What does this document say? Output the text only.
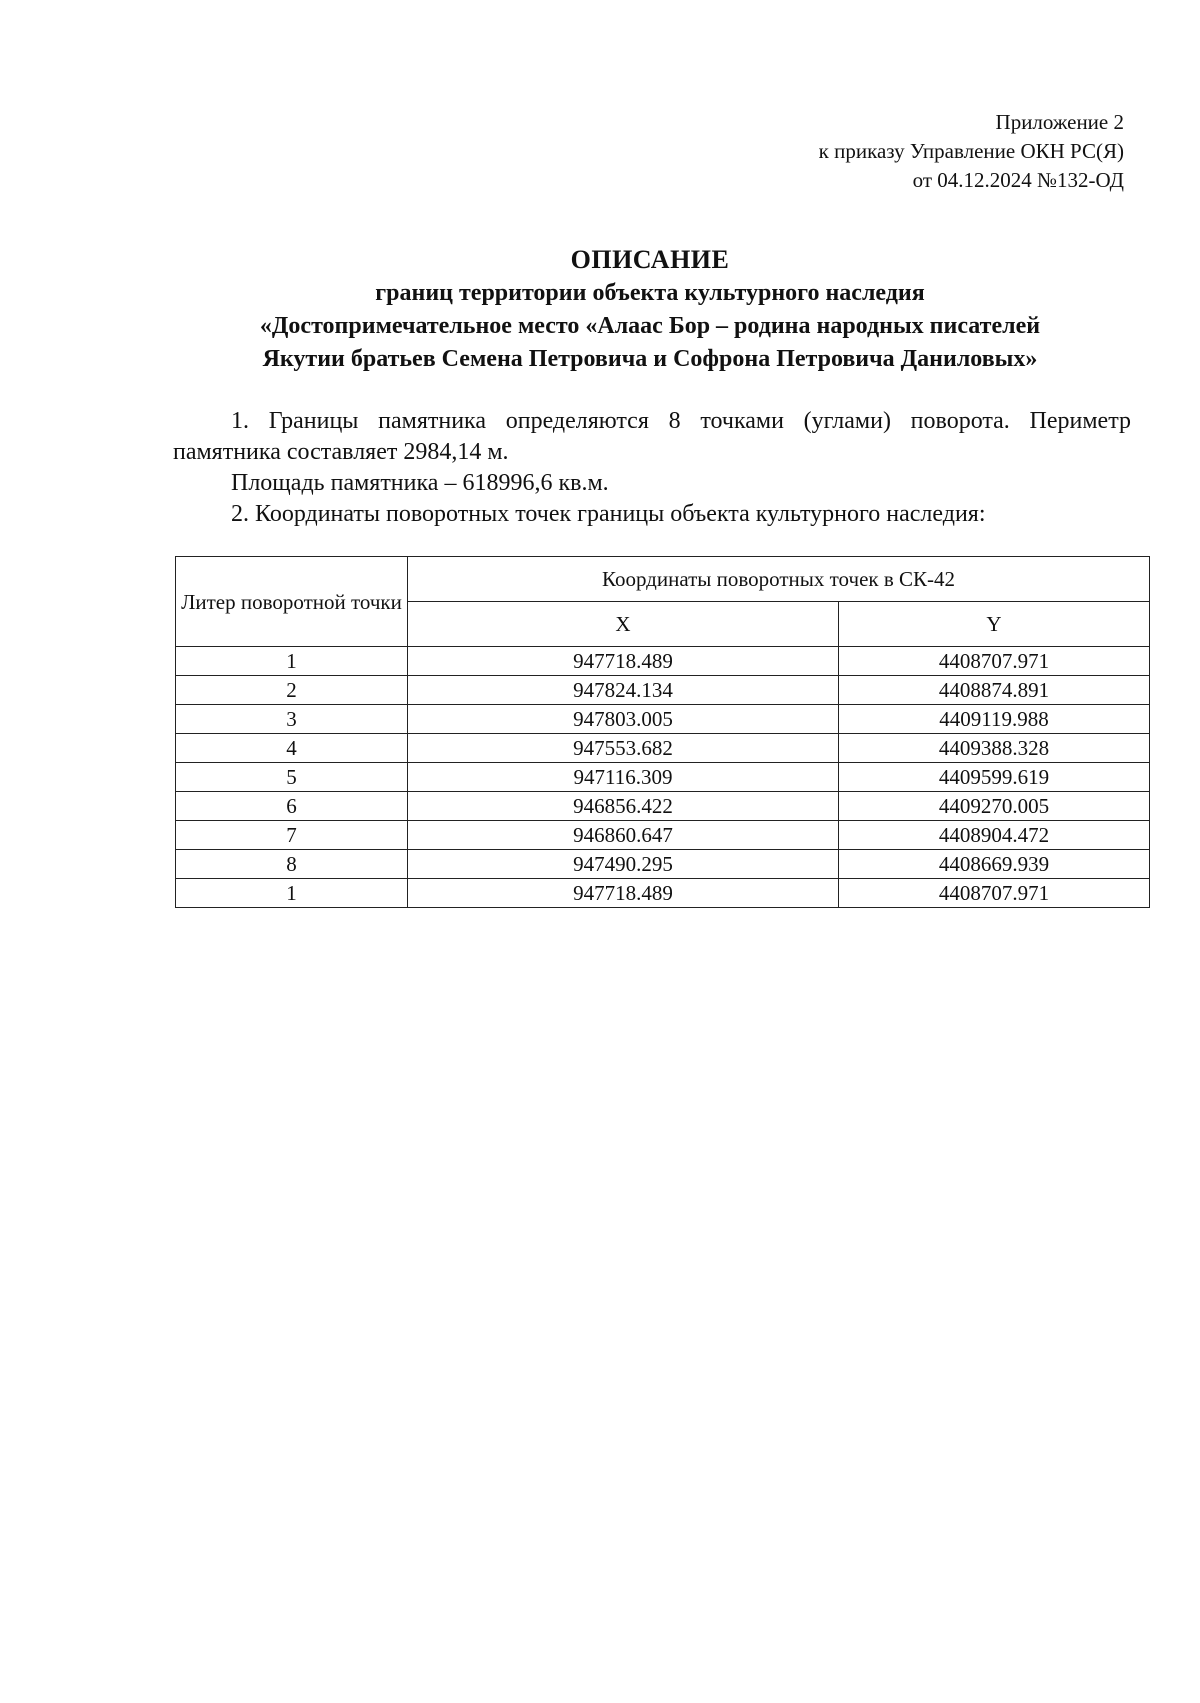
Приложение 2
к приказу Управление ОКН РС(Я)
от 04.12.2024 №132-ОД
ОПИСАНИЕ
границ территории объекта культурного наследия
«Достопримечательное место «Алаас Бор – родина народных писателей
Якутии братьев Семена Петровича и Софрона Петровича Даниловых»

1. Границы памятника определяются 8 точками (углами) поворота. Периметр памятника составляет 2984,14 м.

Площадь памятника – 618996,6 кв.м.

2. Координаты поворотных точек границы объекта культурного наследия:

Литер поворотной точки	Координаты поворотных точек в СК-42	
	X	Y
1	947718.489	4408707.971
2	947824.134	4408874.891
3	947803.005	4409119.988
4	947553.682	4409388.328
5	947116.309	4409599.619
6	946856.422	4409270.005
7	946860.647	4408904.472
8	947490.295	4408669.939
1	947718.489	4408707.971
